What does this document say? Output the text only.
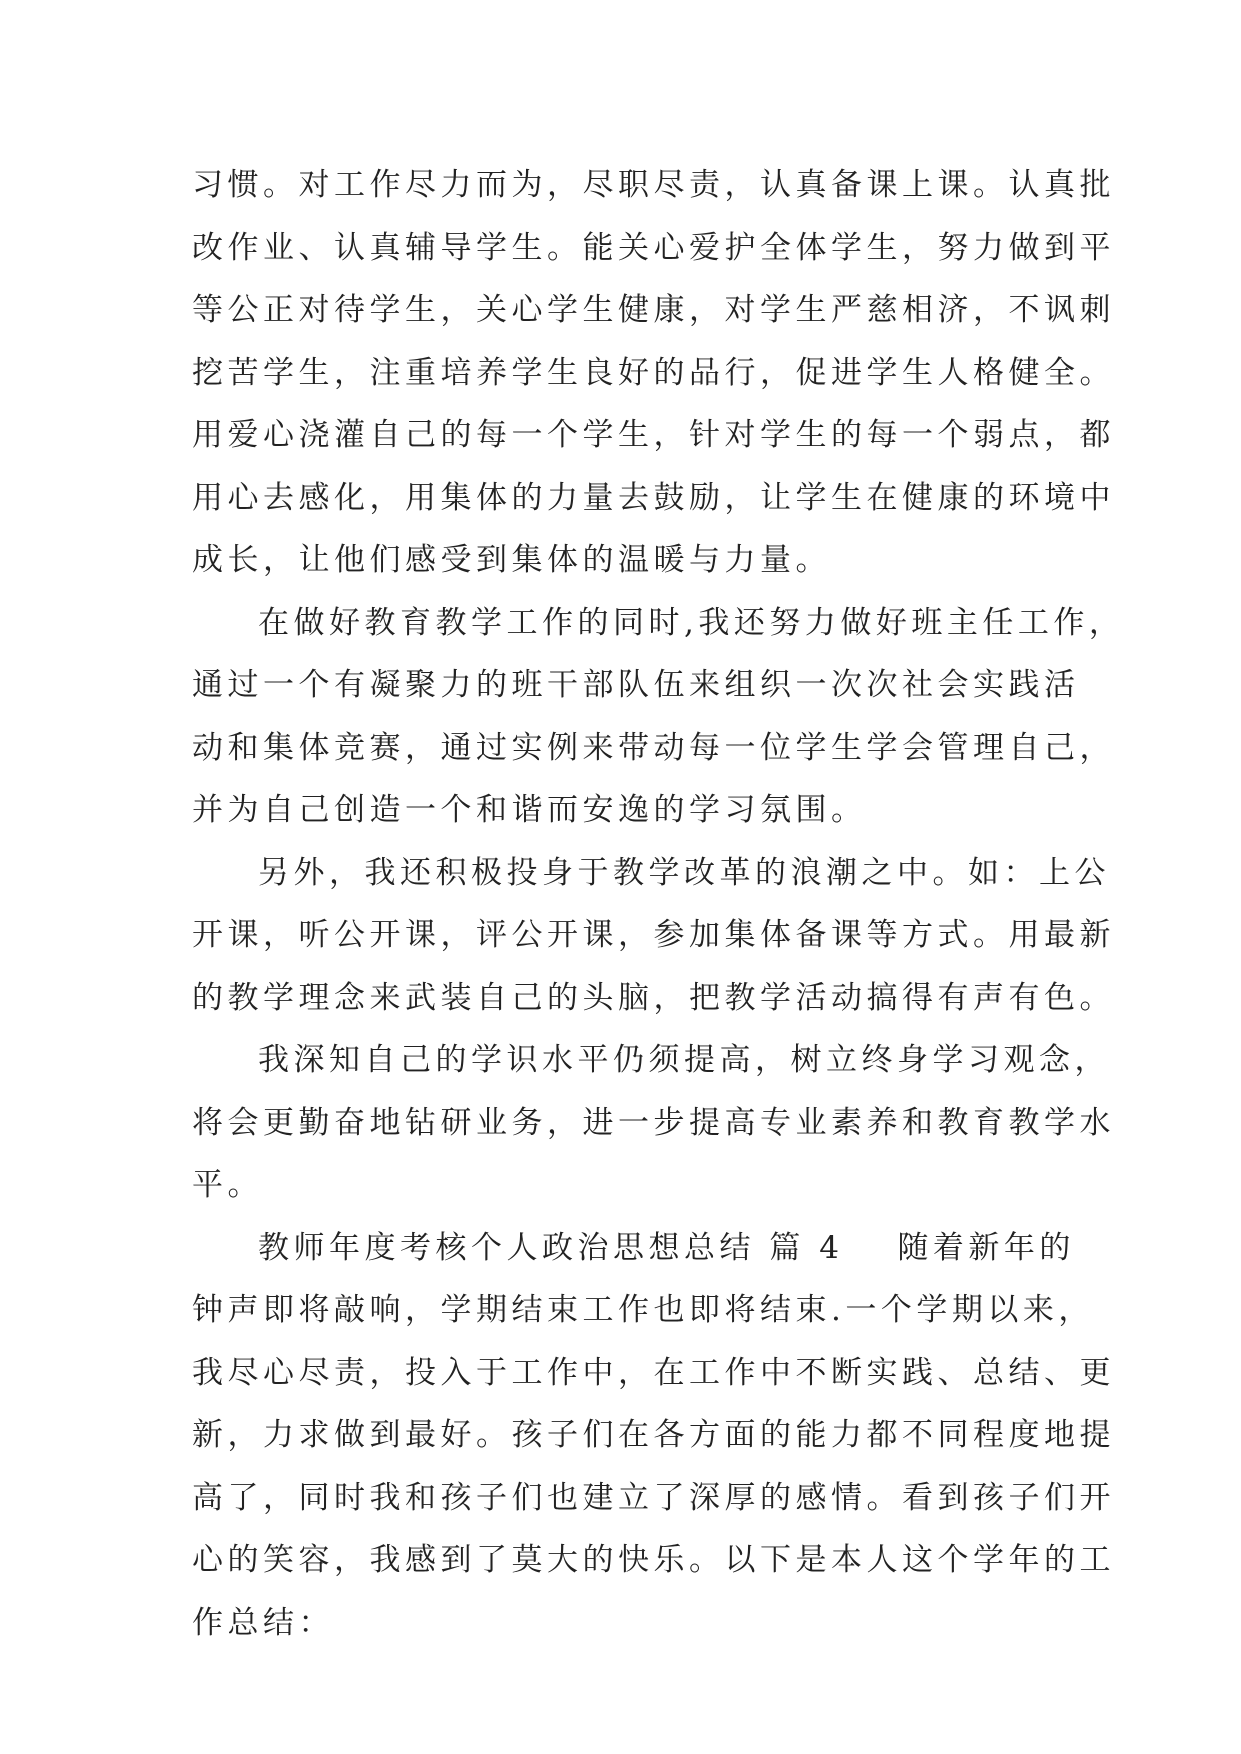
习惯。对工作尽力而为，尽职尽责，认真备课上课。认真批
改作业、认真辅导学生。能关心爱护全体学生，努力做到平
等公正对待学生，关心学生健康，对学生严慈相济，不讽刺
挖苦学生，注重培养学生良好的品行，促进学生人格健全。
用爱心浇灌自己的每一个学生，针对学生的每一个弱点，都
用心去感化，用集体的力量去鼓励，让学生在健康的环境中
成长，让他们感受到集体的温暖与力量。
在做好教育教学工作的同时,我还努力做好班主任工作，
通过一个有凝聚力的班干部队伍来组织一次次社会实践活
动和集体竞赛，通过实例来带动每一位学生学会管理自己，
并为自己创造一个和谐而安逸的学习氛围。
另外，我还积极投身于教学改革的浪潮之中。如：上公
开课，听公开课，评公开课，参加集体备课等方式。用最新
的教学理念来武装自己的头脑，把教学活动搞得有声有色。
我深知自己的学识水平仍须提高，树立终身学习观念，
将会更勤奋地钻研业务，进一步提高专业素养和教育教学水
平。
教师年度考核个人政治思想总结 篇 4 随着新年的
钟声即将敲响，学期结束工作也即将结束.一个学期以来，
我尽心尽责，投入于工作中，在工作中不断实践、总结、更
新，力求做到最好。孩子们在各方面的能力都不同程度地提
高了，同时我和孩子们也建立了深厚的感情。看到孩子们开
心的笑容，我感到了莫大的快乐。以下是本人这个学年的工
作总结：
